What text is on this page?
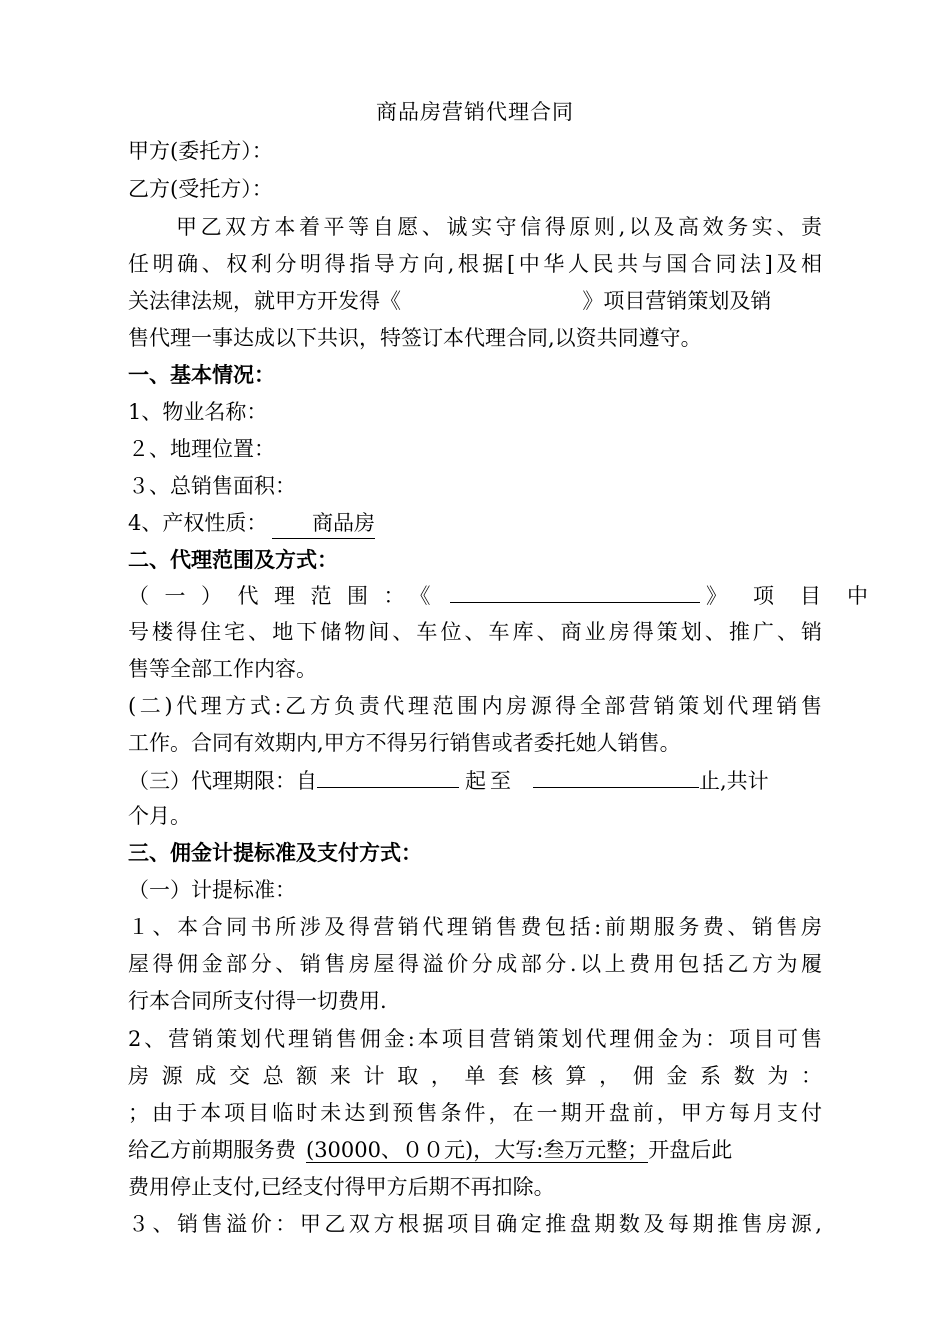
商品房营销代理合同
甲方(委托方）：
乙方(受托方）：
甲乙双方本着平等自愿、诚实守信得原则,以及高效务实、责
任明确、权利分明得指导方向,根据[中华人民共与国合同法]及相
关法律法规，就甲方开发得《	》项目营销策划及销
售代理一事达成以下共识，特签订本代理合同,以资共同遵守。
一、基本情况：
1、物业名称：
２、地理位置：
３、总销售面积：
4、产权性质： 商品房
二、代理范围及方式：
（一）代理范围：《	》项目中
号楼得住宅、地下储物间、车位、车库、商业房得策划、推广、销
售等全部工作内容。
(二)代理方式:乙方负责代理范围内房源得全部营销策划代理销售
工作。合同有效期内,甲方不得另行销售或者委托她人销售。
（三）代理期限：自	起至	止,共计
个月。
三、佣金计提标准及支付方式：
（一）计提标准：
１、本合同书所涉及得营销代理销售费包括:前期服务费、销售房
屋得佣金部分、销售房屋得溢价分成部分.以上费用包括乙方为履
行本合同所支付得一切费用.
2、营销策划代理销售佣金:本项目营销策划代理佣金为：项目可售
房源成交总额来计取，单套核算，佣金系数为：
；由于本项目临时未达到预售条件，在一期开盘前，甲方每月支付
给乙方前期服务费 (30000、００元)，大写:叁万元整；开盘后此
费用停止支付,已经支付得甲方后期不再扣除。
３、销售溢价：甲乙双方根据项目确定推盘期数及每期推售房源,
